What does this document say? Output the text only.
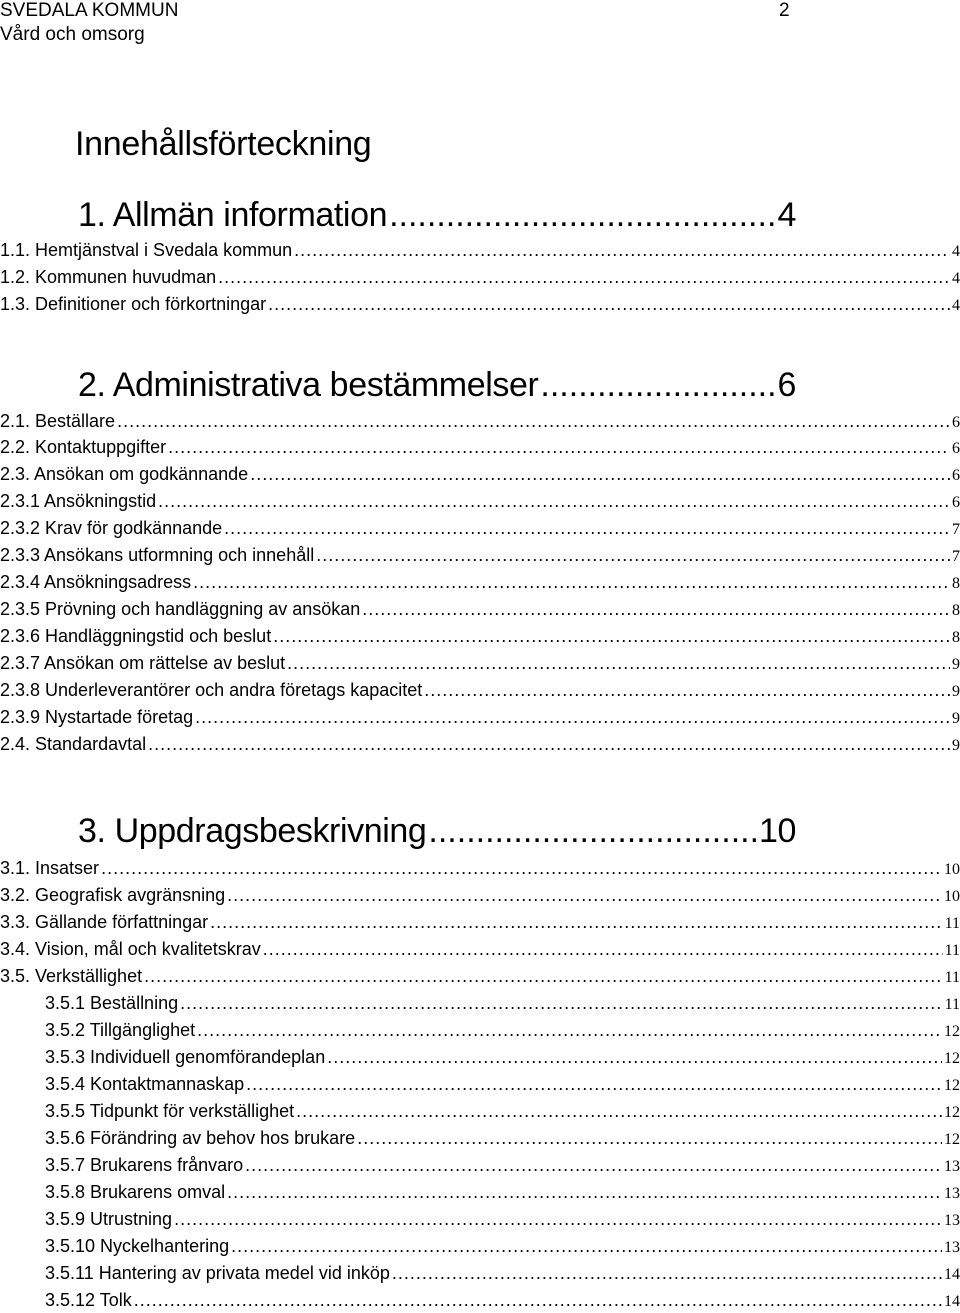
SVEDALA KOMMUN
Vård och omsorg
2
Innehållsförteckning
1. Allmän information .....	4
1.1. Hemtjänstval i Svedala kommun .....	4
1.2. Kommunen huvudman .....	4
1.3. Definitioner och förkortningar .....	4
2. Administrativa bestämmelser .....	6
2.1. Beställare .....	6
2.2. Kontaktuppgifter .....	6
2.3. Ansökan om godkännande .....	6
2.3.1 Ansökningstid .....	6
2.3.2 Krav för godkännande .....	7
2.3.3 Ansökans utformning och innehåll .....	7
2.3.4 Ansökningsadress .....	8
2.3.5 Prövning och handläggning av ansökan .....	8
2.3.6 Handläggningstid och beslut .....	8
2.3.7 Ansökan om rättelse av beslut .....	9
2.3.8 Underleverantörer och andra företags kapacitet .....	9
2.3.9 Nystartade företag .....	9
2.4. Standardavtal .....	9
3. Uppdragsbeskrivning .....	10
3.1. Insatser .....	10
3.2. Geografisk avgränsning .....	10
3.3. Gällande författningar .....	11
3.4. Vision, mål och kvalitetskrav .....	11
3.5. Verkställighet .....	11
3.5.1 Beställning .....	11
3.5.2 Tillgänglighet .....	12
3.5.3 Individuell genomförandeplan .....	12
3.5.4 Kontaktmannaskap .....	12
3.5.5 Tidpunkt för verkställighet .....	12
3.5.6 Förändring av behov hos brukare .....	12
3.5.7 Brukarens frånvaro .....	13
3.5.8 Brukarens omval .....	13
3.5.9 Utrustning .....	13
3.5.10 Nyckelhantering .....	13
3.5.11 Hantering av privata medel vid inköp .....	14
3.5.12 Tolk .....	14
